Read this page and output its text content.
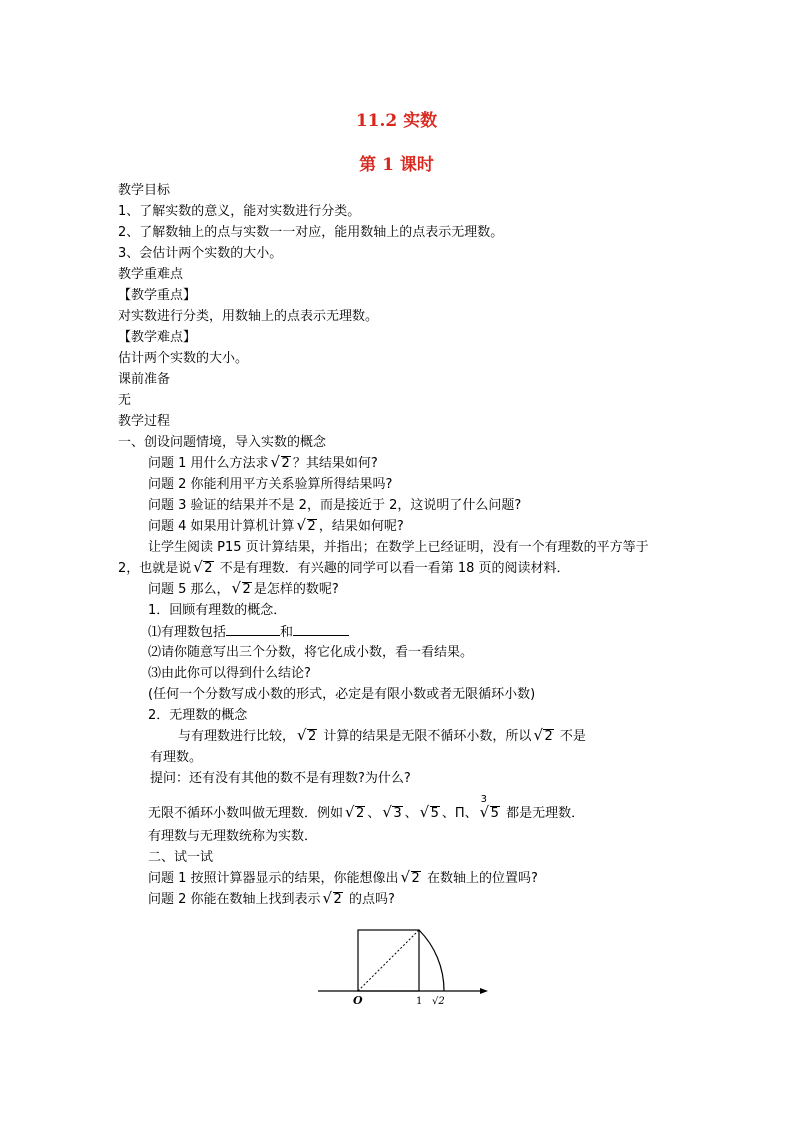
11.2 实数
第 1 课时
教学目标
1、了解实数的意义，能对实数进行分类。
2、了解数轴上的点与实数一一对应，能用数轴上的点表示无理数。
3、会估计两个实数的大小。
教学重难点
【教学重点】
对实数进行分类，用数轴上的点表示无理数。
【教学难点】
估计两个实数的大小。
课前准备
无
教学过程
一、创设问题情境，导入实数的概念
问题 1 用什么方法求 √ 2 ？其结果如何?
问题 2 你能利用平方关系验算所得结果吗?
问题 3 验证的结果并不是 2，而是接近于 2，这说明了什么问题?
问题 4 如果用计算机计算 √ 2 ，结果如何呢?
让学生阅读 P15 页计算结果，并指出；在数学上已经证明，没有一个有理数的平方等于
2，也就是说 √ 2 不是有理数．有兴趣的同学可以看一看第 18 页的阅读材料．
问题 5 那么， √ 2 是怎样的数呢?
1．回顾有理数的概念．
⑴有理数包括	和
⑵请你随意写出三个分数，将它化成小数，看一看结果。
⑶由此你可以得到什么结论?
(任何一个分数写成小数的形式，必定是有限小数或者无限循环小数)
2．无理数的概念
与有理数进行比较， √ 2 计算的结果是无限不循环小数，所以 √ 2 不是
有理数。
提问：还有没有其他的数不是有理数?为什么?
无限不循环小数叫做无理数．例如 √ 2 、 √ 3 、 √ 5 、Π、
√ 3
5 都是无理数．
有理数与无理数统称为实数．
二、试一试
问题 1 按照计算器显示的结果，你能想像出 √ 2 在数轴上的位置吗?
问题 2 你能在数轴上找到表示 √ 2 的点吗?
O	1 √2
